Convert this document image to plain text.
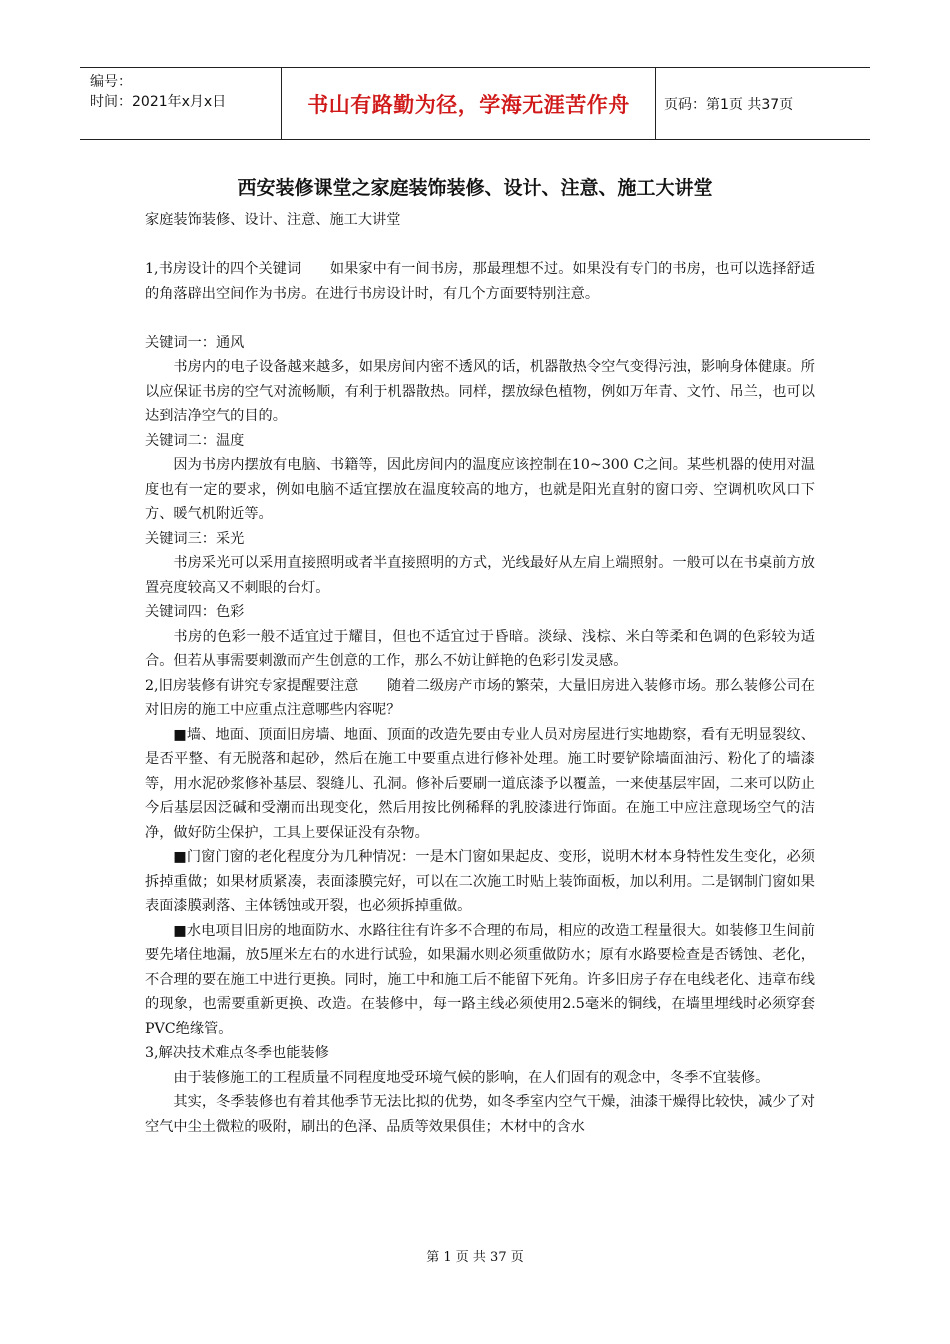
编号：
时间：2021年x月x日	书山有路勤为径，学海无涯苦作舟	页码：第1页 共37页
西安装修课堂之家庭装饰装修、设计、注意、施工大讲堂

家庭装饰装修、设计、注意、施工大讲堂

1,书房设计的四个关键词　　如果家中有一间书房，那最理想不过。如果没有专门的书房，也可以选择舒适的角落辟出空间作为书房。在进行书房设计时，有几个方面要特别注意。

关键词一：通风

书房内的电子设备越来越多，如果房间内密不透风的话，机器散热令空气变得污浊，影响身体健康。所以应保证书房的空气对流畅顺，有利于机器散热。同样，摆放绿色植物，例如万年青、文竹、吊兰，也可以达到洁净空气的目的。

关键词二：温度

因为书房内摆放有电脑、书籍等，因此房间内的温度应该控制在10~300 C之间。某些机器的使用对温度也有一定的要求，例如电脑不适宜摆放在温度较高的地方，也就是阳光直射的窗口旁、空调机吹风口下方、暖气机附近等。

关键词三：采光

书房采光可以采用直接照明或者半直接照明的方式，光线最好从左肩上端照射。一般可以在书桌前方放置亮度较高又不刺眼的台灯。

关键词四：色彩

书房的色彩一般不适宜过于耀目，但也不适宜过于昏暗。淡绿、浅棕、米白等柔和色调的色彩较为适合。但若从事需要刺激而产生创意的工作，那么不妨让鲜艳的色彩引发灵感。

2,旧房装修有讲究专家提醒要注意　　随着二级房产市场的繁荣，大量旧房进入装修市场。那么装修公司在对旧房的施工中应重点注意哪些内容呢？

■墙、地面、顶面旧房墙、地面、顶面的改造先要由专业人员对房屋进行实地勘察，看有无明显裂纹、是否平整、有无脱落和起砂，然后在施工中要重点进行修补处理。施工时要铲除墙面油污、粉化了的墙漆等，用水泥砂浆修补基层、裂缝儿、孔洞。修补后要刷一道底漆予以覆盖，一来使基层牢固，二来可以防止今后基层因泛碱和受潮而出现变化，然后用按比例稀释的乳胶漆进行饰面。在施工中应注意现场空气的洁净，做好防尘保护，工具上要保证没有杂物。

■门窗门窗的老化程度分为几种情况：一是木门窗如果起皮、变形，说明木材本身特性发生变化，必须拆掉重做；如果材质紧凑，表面漆膜完好，可以在二次施工时贴上装饰面板，加以利用。二是钢制门窗如果表面漆膜剥落、主体锈蚀或开裂，也必须拆掉重做。

■水电项目旧房的地面防水、水路往往有许多不合理的布局，相应的改造工程量很大。如装修卫生间前要先堵住地漏，放5厘米左右的水进行试验，如果漏水则必须重做防水；原有水路要检查是否锈蚀、老化，不合理的要在施工中进行更换。同时，施工中和施工后不能留下死角。许多旧房子存在电线老化、违章布线的现象，也需要重新更换、改造。在装修中，每一路主线必须使用2.5毫米的铜线，在墙里埋线时必须穿套PVC绝缘管。

3,解决技术难点冬季也能装修

由于装修施工的工程质量不同程度地受环境气候的影响，在人们固有的观念中，冬季不宜装修。

其实，冬季装修也有着其他季节无法比拟的优势，如冬季室内空气干燥，油漆干燥得比较快，减少了对空气中尘土微粒的吸附，刷出的色泽、品质等效果俱佳；木材中的含水

第 1 页 共 37 页
